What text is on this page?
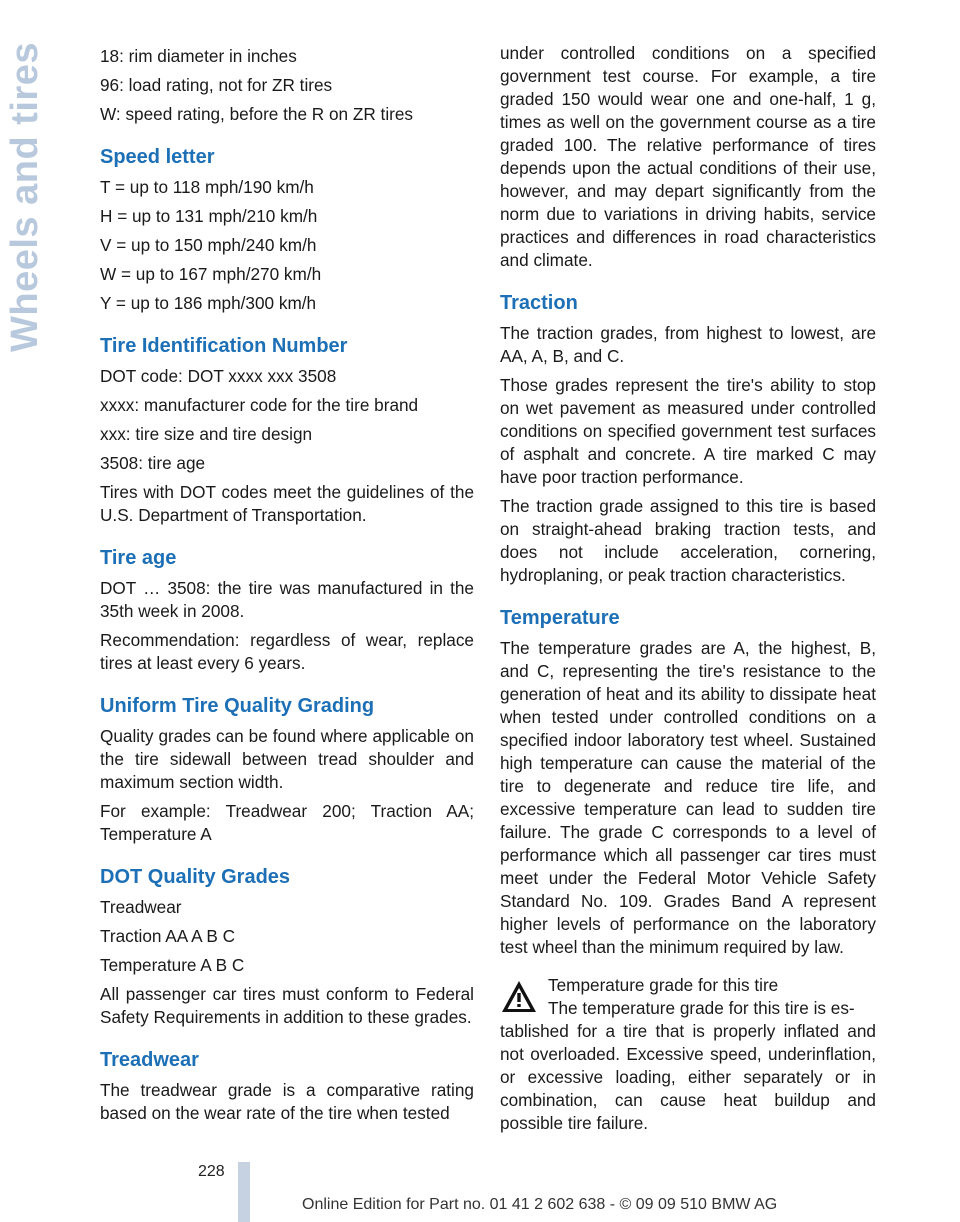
Wheels and tires	18: rim diameter in inches

96: load rating, not for ZR tires

W: speed rating, before the R on ZR tires

Speed letter

T = up to 118 mph/190 km/h

H = up to 131 mph/210 km/h

V = up to 150 mph/240 km/h

W = up to 167 mph/270 km/h

Y = up to 186 mph/300 km/h

Tire Identification Number

DOT code: DOT xxxx xxx 3508

xxxx: manufacturer code for the tire brand

xxx: tire size and tire design

3508: tire age

Tires with DOT codes meet the guidelines of the U.S. Department of Transportation.

Tire age

DOT … 3508: the tire was manufactured in the 35th week in 2008.

Recommendation: regardless of wear, replace tires at least every 6 years.

Uniform Tire Quality Grading

Quality grades can be found where applicable on the tire sidewall between tread shoulder and maximum section width.

For example: Treadwear 200; Traction AA; Temperature A

DOT Quality Grades

Treadwear

Traction AA A B C

Temperature A B C

All passenger car tires must conform to Federal Safety Requirements in addition to these grades.

Treadwear

The treadwear grade is a comparative rating based on the wear rate of the tire when tested

under controlled conditions on a specified government test course. For example, a tire graded 150 would wear one and one-half, 1 g, times as well on the government course as a tire graded 100. The relative performance of tires depends upon the actual conditions of their use, however, and may depart significantly from the norm due to variations in driving habits, service practices and differences in road characteristics and climate.

Traction

The traction grades, from highest to lowest, are AA, A, B, and C.

Those grades represent the tire's ability to stop on wet pavement as measured under controlled conditions on specified government test surfaces of asphalt and concrete. A tire marked C may have poor traction performance.

The traction grade assigned to this tire is based on straight-ahead braking traction tests, and does not include acceleration, cornering, hydroplaning, or peak traction characteristics.

Temperature

The temperature grades are A, the highest, B, and C, representing the tire's resistance to the generation of heat and its ability to dissipate heat when tested under controlled conditions on a specified indoor laboratory test wheel. Sustained high temperature can cause the material of the tire to degenerate and reduce tire life, and excessive temperature can lead to sudden tire failure. The grade C corresponds to a level of performance which all passenger car tires must meet under the Federal Motor Vehicle Safety Standard No. 109. Grades Band A represent higher levels of performance on the laboratory test wheel than the minimum required by law.

Temperature grade for this tire
The temperature grade for this tire is es-
tablished for a tire that is properly inflated and not overloaded. Excessive speed, underinflation, or excessive loading, either separately or in combination, can cause heat buildup and possible tire failure.
228
Online Edition for Part no. 01 41 2 602 638 - © 09 09 510 BMW AG
